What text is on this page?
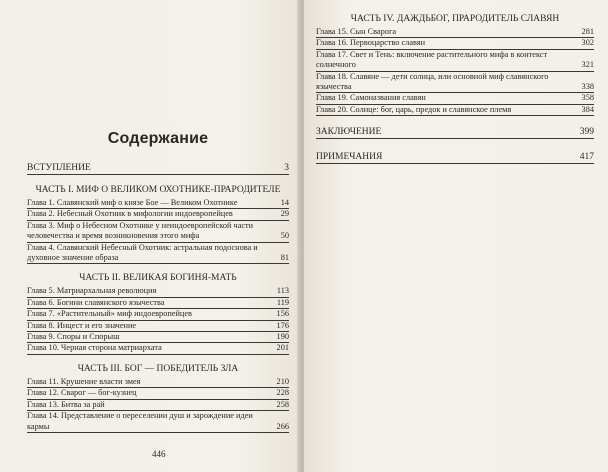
Содержание
ВСТУПЛЕНИЕ	3
ЧАСТЬ I. МИФ О ВЕЛИКОМ ОХОТНИКЕ-ПРАРОДИТЕЛЕ
Глава 1. Славянский миф о князе Бое — Великом Охотнике	14
Глава 2. Небесный Охотник в мифологии индоевропейцев	29
Глава 3. Миф о Небесном Охотнике у неиндоевропейской части человечества и время возникновения этого мифа	50
Глава 4. Славянский Небесный Охотник: астральная подоснова и духовное значение образа	81
ЧАСТЬ II. ВЕЛИКАЯ БОГИНЯ-МАТЬ
Глава 5. Матриархальная революция	113
Глава 6. Богини славянского язычества	119
Глава 7. «Растительный» миф индоевропейцев	156
Глава 8. Инцест и его значение	176
Глава 9. Споры и Спорыш	190
Глава 10. Черная сторона матриархата	201
ЧАСТЬ III. БОГ — ПОБЕДИТЕЛЬ ЗЛА
Глава 11. Крушение власти змея	210
Глава 12. Сварог — бог-кузнец	228
Глава 13. Битва за рай	258
Глава 14. Представление о переселении душ и зарождение идеи кармы	266
446
ЧАСТЬ IV. ДАЖДЬБОГ, ПРАРОДИТЕЛЬ СЛАВЯН
Глава 15. Сын Сварога	281
Глава 16. Первоцарство славян	302
Глава 17. Свет и Тень: включение растительного мифа в контекст солнечного	321
Глава 18. Славяне — дети солнца, или основной миф славянского язычества	338
Глава 19. Самоназвания славян	358
Глава 20. Солнце: бог, царь, предок и славянское племя	384
ЗАКЛЮЧЕНИЕ	399
ПРИМЕЧАНИЯ	417
